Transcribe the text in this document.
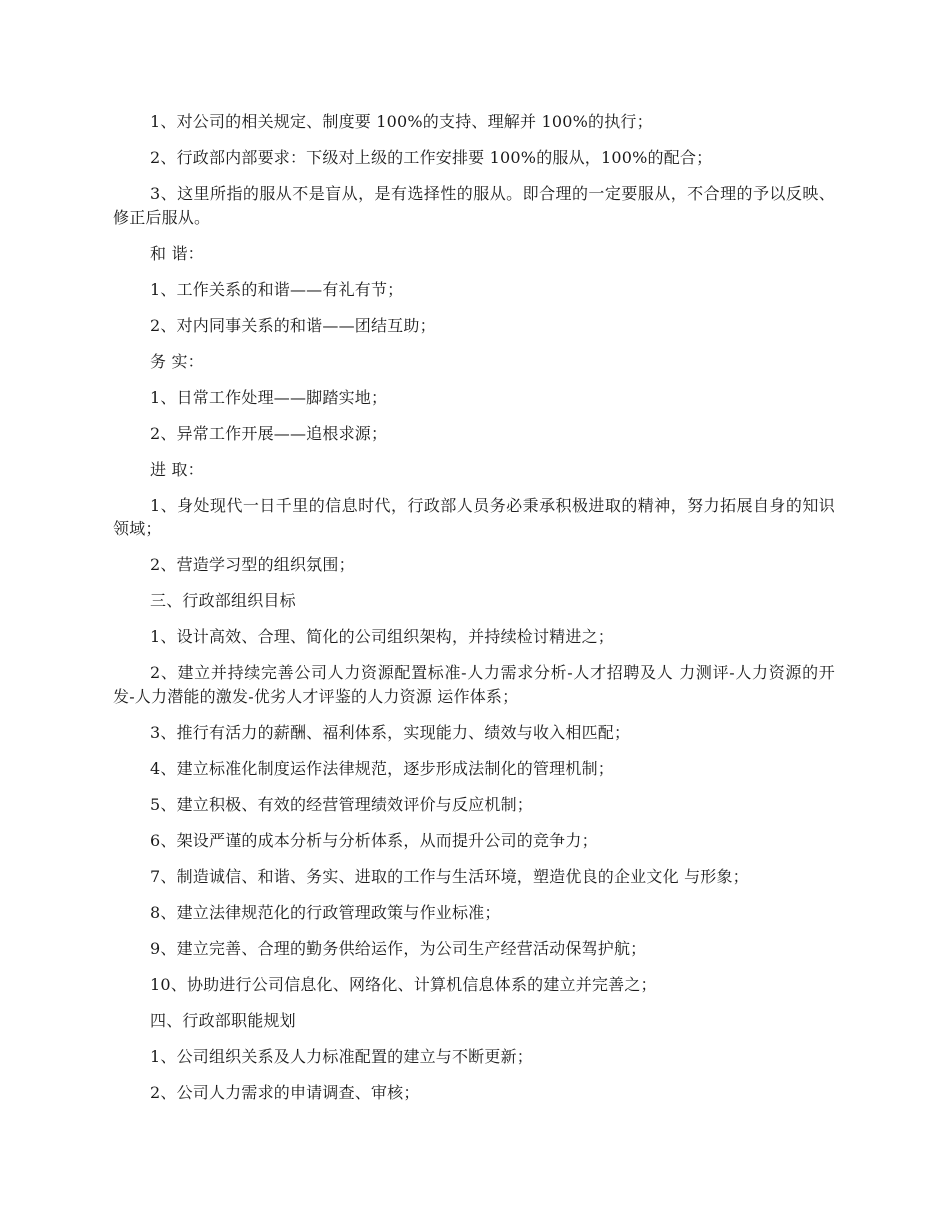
1、对公司的相关规定、制度要 100%的支持、理解并 100%的执行；

2、行政部内部要求：下级对上级的工作安排要 100%的服从，100%的配合；

3、这里所指的服从不是盲从，是有选择性的服从。即合理的一定要服从，不合理的予以反映、修正后服从。

和 谐：

1、工作关系的和谐——有礼有节；

2、对内同事关系的和谐——团结互助；

务 实：

1、日常工作处理——脚踏实地；

2、异常工作开展——追根求源；

进 取：

1、身处现代一日千里的信息时代，行政部人员务必秉承积极进取的精神，努力拓展自身的知识领域；

2、营造学习型的组织氛围；

三、行政部组织目标

1、设计高效、合理、简化的公司组织架构，并持续检讨精进之；

2、建立并持续完善公司人力资源配置标准-人力需求分析-人才招聘及人 力测评-人力资源的开发-人力潜能的激发-优劣人才评鉴的人力资源 运作体系；

3、推行有活力的薪酬、福利体系，实现能力、绩效与收入相匹配；

4、建立标准化制度运作法律规范，逐步形成法制化的管理机制；

5、建立积极、有效的经营管理绩效评价与反应机制；

6、架设严谨的成本分析与分析体系，从而提升公司的竞争力；

7、制造诚信、和谐、务实、进取的工作与生活环境，塑造优良的企业文化 与形象；

8、建立法律规范化的行政管理政策与作业标准；

9、建立完善、合理的勤务供给运作，为公司生产经营活动保驾护航；

10、协助进行公司信息化、网络化、计算机信息体系的建立并完善之；

四、行政部职能规划

1、公司组织关系及人力标准配置的建立与不断更新；

2、公司人力需求的申请调查、审核；
